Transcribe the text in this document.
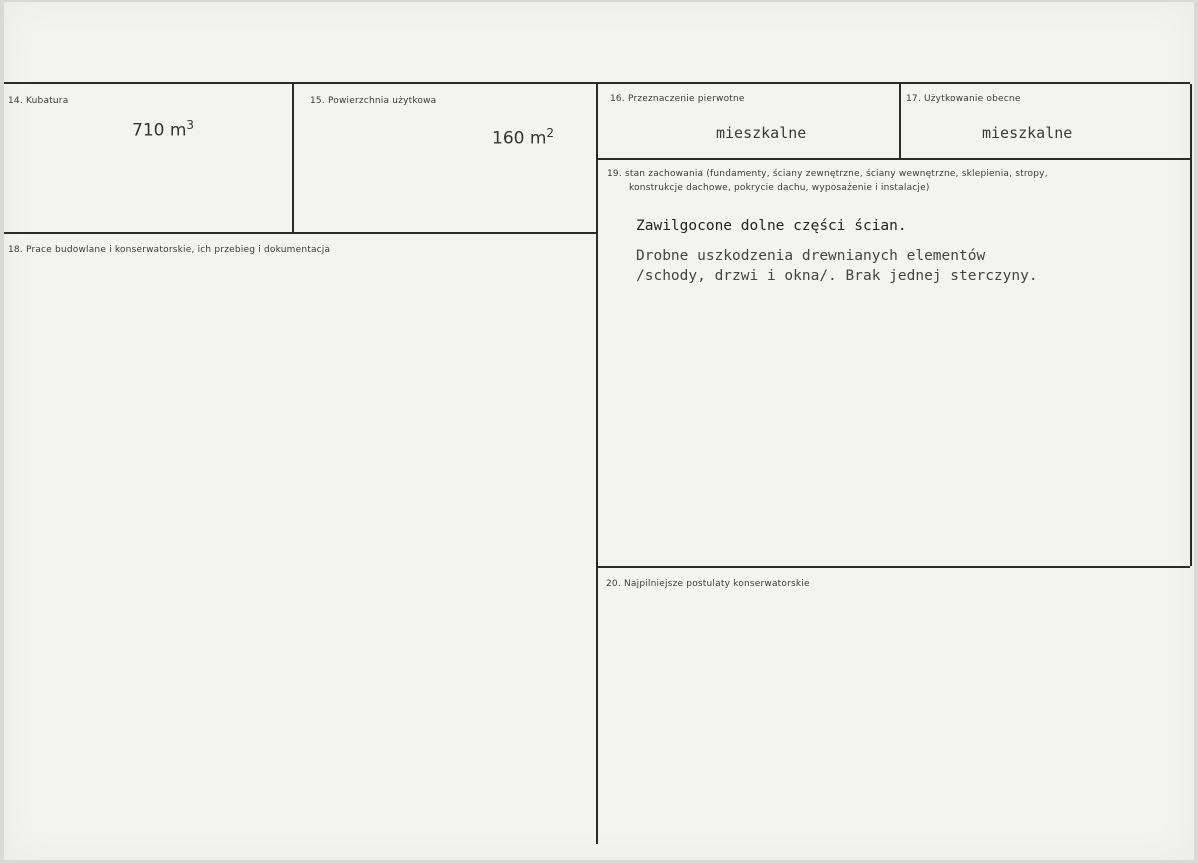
14. Kubatura
710 $m^3$
15. Powierzchnia użytkowa
160 $m^2$
16. Przeznaczenie pierwotne
mieszkalne
17. Użytkowanie obecne
mieszkalne
18. Prace budowlane i konserwatorskie, ich przebieg i dokumentacja
19. stan zachowania (fundamenty, ściany zewnętrzne, ściany wewnętrzne, sklepienia, stropy,
konstrukcje dachowe, pokrycie dachu, wyposażenie i instalacje)
Zawilgocone dolne części ścian.
Drobne uszkodzenia drewnianych elementów
/schody, drzwi i okna/. Brak jednej sterczyny.
20. Najpilniejsze postulaty konserwatorskie
